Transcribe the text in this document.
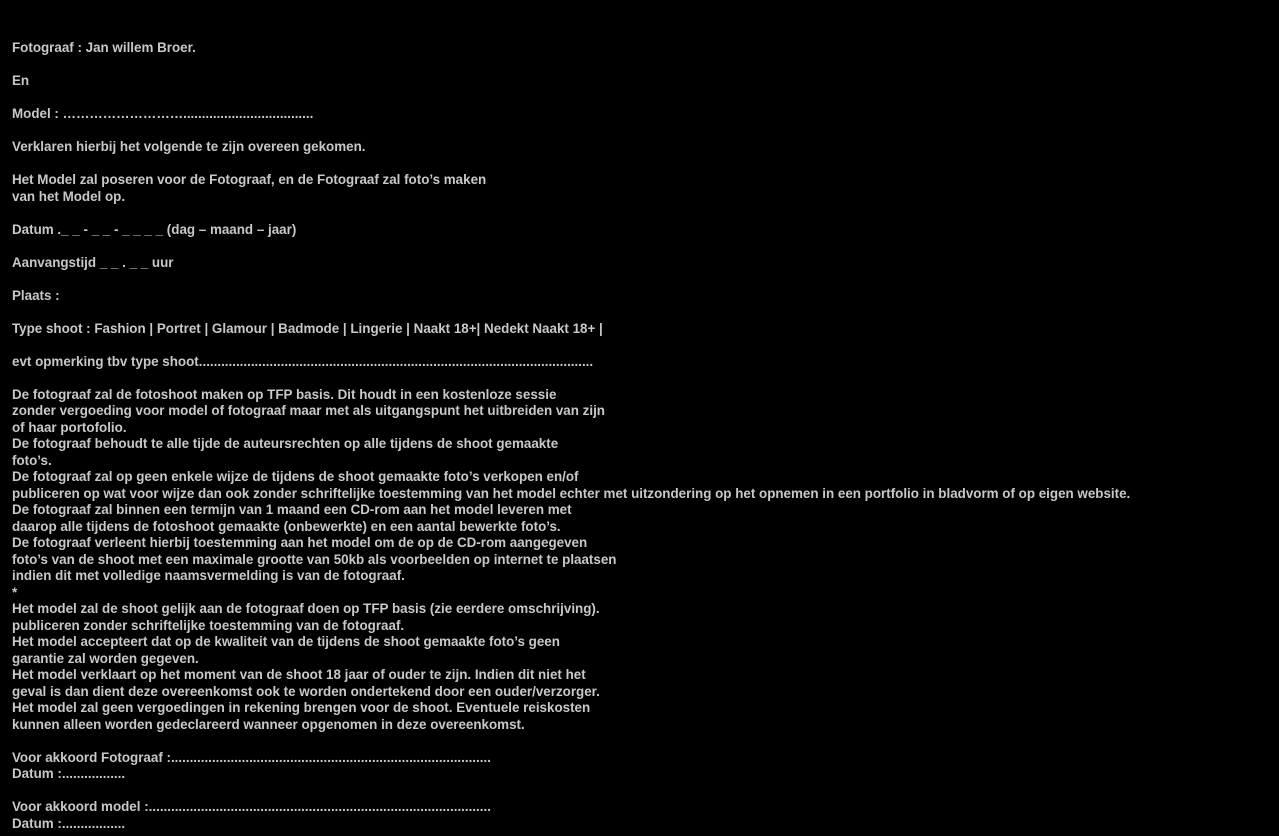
Fotograaf : Jan willem Broer.

En

Model : ………………………...................................

Verklaren hierbij het volgende te zijn overeen gekomen.

Het Model zal poseren voor de Fotograaf, en de Fotograaf zal foto’s maken

van het Model op.

Datum ._ _ - _ _ - _ _ _ _ (dag – maand – jaar)

Aanvangstijd _ _ . _ _ uur

Plaats :

Type shoot : Fashion | Portret | Glamour | Badmode | Lingerie | Naakt 18+| Nedekt Naakt 18+ |

evt opmerking tbv type shoot..........................................................................................................

De fotograaf zal de fotoshoot maken op TFP basis. Dit houdt in een kostenloze sessie

zonder vergoeding voor model of fotograaf maar met als uitgangspunt het uitbreiden van zijn

of haar portofolio.

De fotograaf behoudt te alle tijde de auteursrechten op alle tijdens de shoot gemaakte

foto’s.

De fotograaf zal op geen enkele wijze de tijdens de shoot gemaakte foto’s verkopen en/of

publiceren op wat voor wijze dan ook zonder schriftelijke toestemming van het model echter met uitzondering op het opnemen in een portfolio in bladvorm of op eigen website.

De fotograaf zal binnen een termijn van 1 maand een CD-rom aan het model leveren met

daarop alle tijdens de fotoshoot gemaakte (onbewerkte) en een aantal bewerkte foto’s.

De fotograaf verleent hierbij toestemming aan het model om de op de CD-rom aangegeven

foto’s van de shoot met een maximale grootte van 50kb als voorbeelden op internet te plaatsen

indien dit met volledige naamsvermelding is van de fotograaf.

*

Het model zal de shoot gelijk aan de fotograaf doen op TFP basis (zie eerdere omschrijving).

publiceren zonder schriftelijke toestemming van de fotograaf.

Het model accepteert dat op de kwaliteit van de tijdens de shoot gemaakte foto’s geen

garantie zal worden gegeven.

Het model verklaart op het moment van de shoot 18 jaar of ouder te zijn. Indien dit niet het

geval is dan dient deze overeenkomst ook te worden ondertekend door een ouder/verzorger.

Het model zal geen vergoedingen in rekening brengen voor de shoot. Eventuele reiskosten

kunnen alleen worden gedeclareerd wanneer opgenomen in deze overeenkomst.

Voor akkoord Fotograaf :......................................................................................

Datum :.................

Voor akkoord model :............................................................................................

Datum :.................
